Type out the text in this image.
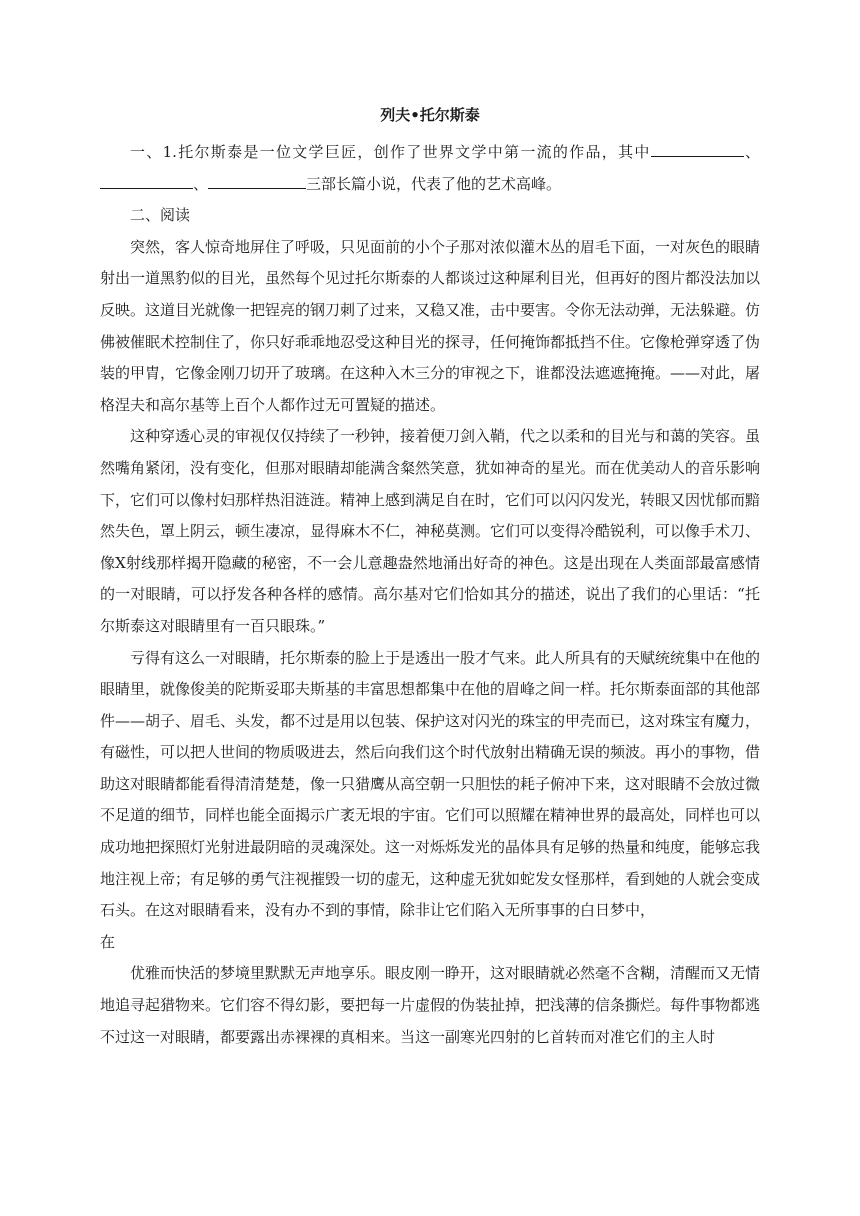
列夫•托尔斯泰

一、1.托尔斯泰是一位文学巨匠，创作了世界文学中第一流的作品，其中	、、	三部长篇小说，代表了他的艺术高峰。

二、阅读

突然，客人惊奇地屏住了呼吸，只见面前的小个子那对浓似灌木丛的眉毛下面，一对灰色的眼睛射出一道黑豹似的目光，虽然每个见过托尔斯泰的人都谈过这种犀利目光，但再好的图片都没法加以反映。这道目光就像一把锃亮的钢刀刺了过来，又稳又准，击中要害。令你无法动弹，无法躲避。仿佛被催眠术控制住了，你只好乖乖地忍受这种目光的探寻，任何掩饰都抵挡不住。它像枪弹穿透了伪装的甲胄，它像金刚刀切开了玻璃。在这种入木三分的审视之下，谁都没法遮遮掩掩。——对此，屠格涅夫和高尔基等上百个人都作过无可置疑的描述。

这种穿透心灵的审视仅仅持续了一秒钟，接着便刀剑入鞘，代之以柔和的目光与和蔼的笑容。虽然嘴角紧闭，没有变化，但那对眼睛却能满含粲然笑意，犹如神奇的星光。而在优美动人的音乐影响下，它们可以像村妇那样热泪涟涟。精神上感到满足自在时，它们可以闪闪发光，转眼又因忧郁而黯然失色，罩上阴云，顿生凄凉，显得麻木不仁，神秘莫测。它们可以变得冷酷锐利，可以像手术刀、像X射线那样揭开隐藏的秘密，不一会儿意趣盎然地涌出好奇的神色。这是出现在人类面部最富感情的一对眼睛，可以抒发各种各样的感情。高尔基对它们恰如其分的描述，说出了我们的心里话：“托尔斯泰这对眼睛里有一百只眼珠。”

亏得有这么一对眼睛，托尔斯泰的脸上于是透出一股才气来。此人所具有的天赋统统集中在他的眼睛里，就像俊美的陀斯妥耶夫斯基的丰富思想都集中在他的眉峰之间一样。托尔斯泰面部的其他部件——胡子、眉毛、头发，都不过是用以包装、保护这对闪光的珠宝的甲壳而已，这对珠宝有魔力，有磁性，可以把人世间的物质吸进去，然后向我们这个时代放射出精确无误的频波。再小的事物，借助这对眼睛都能看得清清楚楚，像一只猎鹰从高空朝一只胆怯的耗子俯冲下来，这对眼睛不会放过微不足道的细节，同样也能全面揭示广袤无垠的宇宙。它们可以照耀在精神世界的最高处，同样也可以成功地把探照灯光射进最阴暗的灵魂深处。这一对烁烁发光的晶体具有足够的热量和纯度，能够忘我地注视上帝；有足够的勇气注视摧毁一切的虚无，这种虚无犹如蛇发女怪那样，看到她的人就会变成石头。在这对眼睛看来，没有办不到的事情，除非让它们陷入无所事事的白日梦中，

在

优雅而快活的梦境里默默无声地享乐。眼皮刚一睁开，这对眼睛就必然毫不含糊，清醒而又无情地追寻起猎物来。它们容不得幻影，要把每一片虚假的伪装扯掉，把浅薄的信条撕烂。每件事物都逃不过这一对眼睛，都要露出赤裸裸的真相来。当这一副寒光四射的匕首转而对准它们的主人时
